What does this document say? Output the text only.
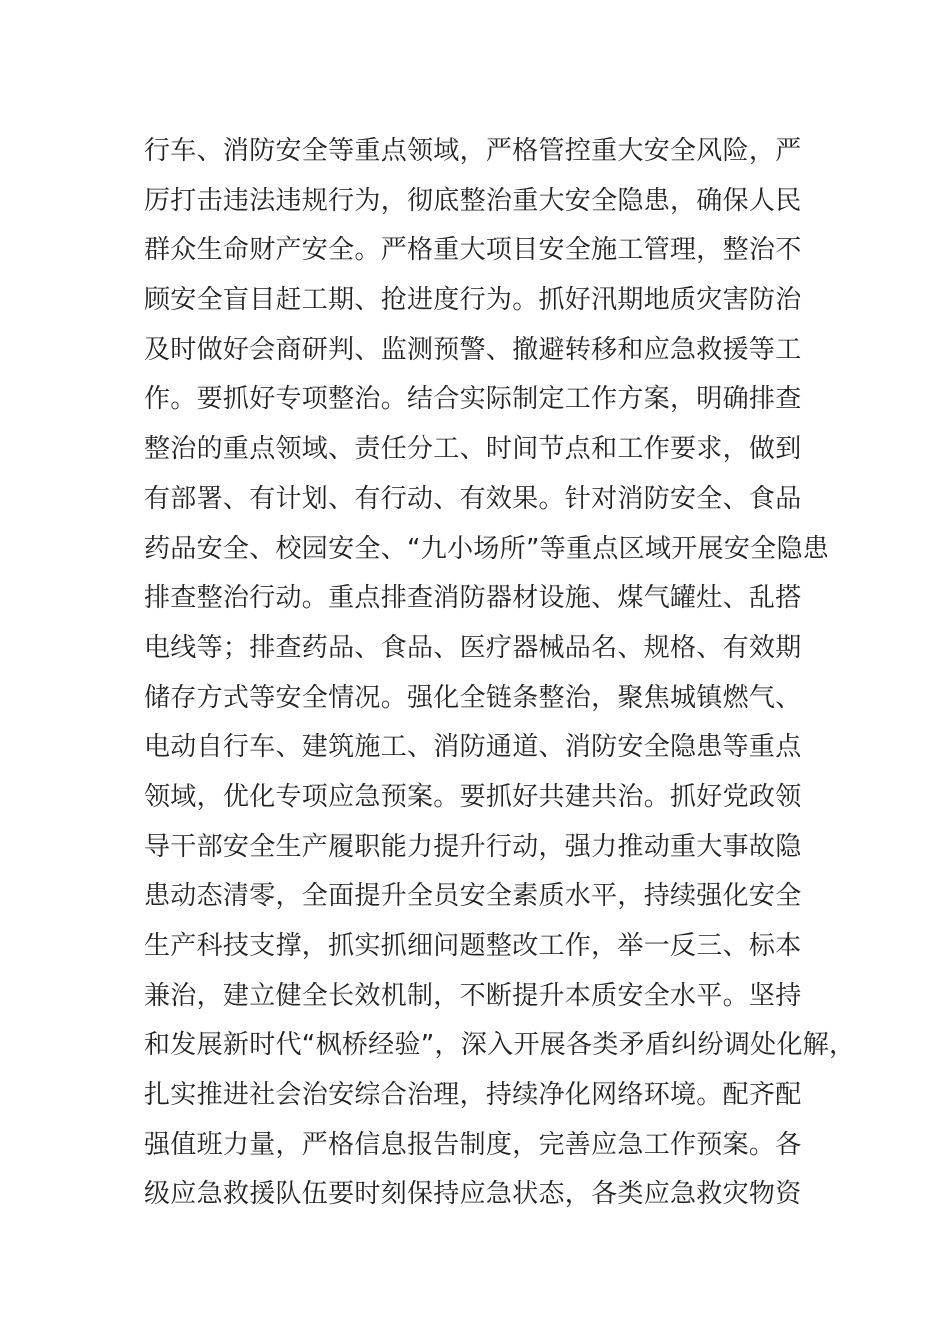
行车、消防安全等重点领域，严格管控重大安全风险，严
厉打击违法违规行为，彻底整治重大安全隐患，确保人民
群众生命财产安全。严格重大项目安全施工管理，整治不
顾安全盲目赶工期、抢进度行为。抓好汛期地质灾害防治
及时做好会商研判、监测预警、撤避转移和应急救援等工
作。要抓好专项整治。结合实际制定工作方案，明确排查
整治的重点领域、责任分工、时间节点和工作要求，做到
有部署、有计划、有行动、有效果。针对消防安全、食品
药品安全、校园安全、“九小场所”等重点区域开展安全隐患
排查整治行动。重点排查消防器材设施、煤气罐灶、乱搭
电线等；排查药品、食品、医疗器械品名、规格、有效期
储存方式等安全情况。强化全链条整治，聚焦城镇燃气、
电动自行车、建筑施工、消防通道、消防安全隐患等重点
领域，优化专项应急预案。要抓好共建共治。抓好党政领
导干部安全生产履职能力提升行动，强力推动重大事故隐
患动态清零，全面提升全员安全素质水平，持续强化安全
生产科技支撑，抓实抓细问题整改工作，举一反三、标本
兼治，建立健全长效机制，不断提升本质安全水平。坚持
和发展新时代“枫桥经验”，深入开展各类矛盾纠纷调处化解，
扎实推进社会治安综合治理，持续净化网络环境。配齐配
强值班力量，严格信息报告制度，完善应急工作预案。各
级应急救援队伍要时刻保持应急状态，各类应急救灾物资
